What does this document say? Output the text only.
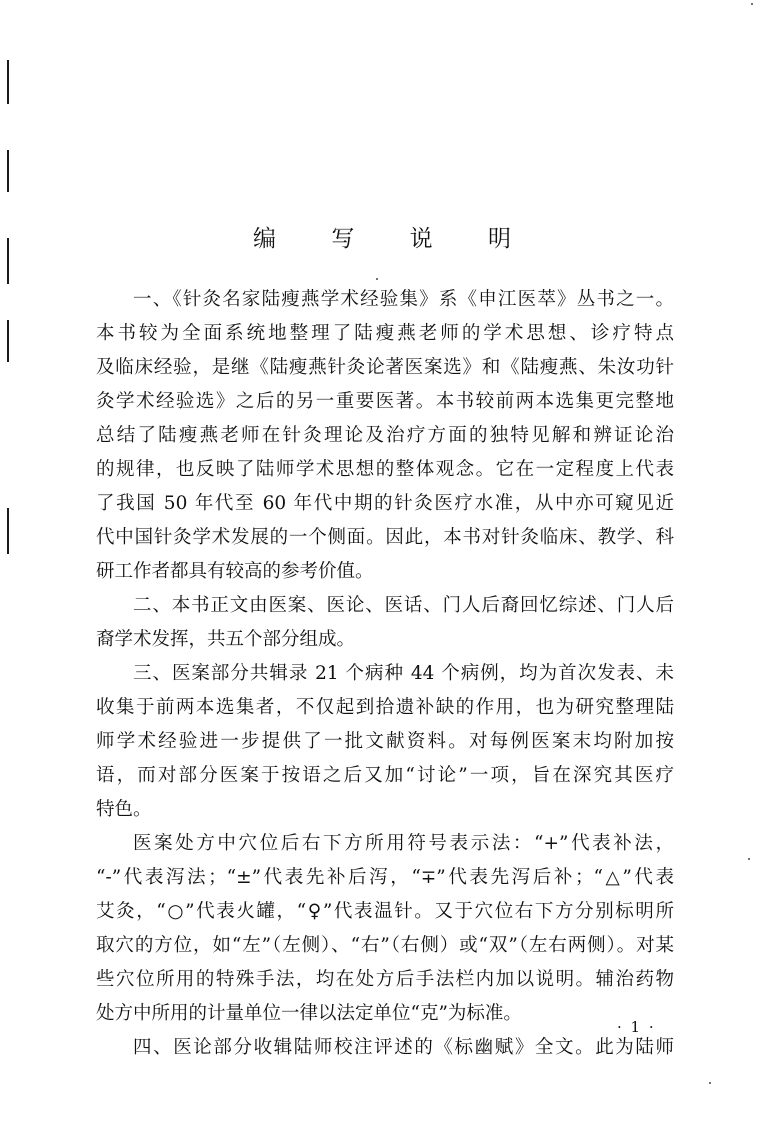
编 写 说 明
一、《针灸名家陆瘦燕学术经验集》系《申江医萃》丛书之一。
本书较为全面系统地整理了陆瘦燕老师的学术思想、诊疗特点
及临床经验，是继《陆瘦燕针灸论著医案选》和《陆瘦燕、朱汝功针
灸学术经验选》之后的另一重要医著。本书较前两本选集更完整地
总结了陆瘦燕老师在针灸理论及治疗方面的独特见解和辨证论治
的规律，也反映了陆师学术思想的整体观念。它在一定程度上代表
了我国 50 年代至 60 年代中期的针灸医疗水准，从中亦可窥见近
代中国针灸学术发展的一个侧面。因此，本书对针灸临床、教学、科
研工作者都具有较高的参考价值。
二、本书正文由医案、医论、医话、门人后裔回忆综述、门人后
裔学术发挥，共五个部分组成。
三、医案部分共辑录 21 个病种 44 个病例，均为首次发表、未
收集于前两本选集者，不仅起到拾遗补缺的作用，也为研究整理陆
师学术经验进一步提供了一批文献资料。对每例医案末均附加按
语，而对部分医案于按语之后又加“讨论”一项，旨在深究其医疗
特色。
医案处方中穴位后右下方所用符号表示法：“+”代表补法，
“-”代表泻法；“±”代表先补后泻，“∓”代表先泻后补；“△”代表
艾灸，“○”代表火罐，“♀”代表温针。又于穴位右下方分别标明所
取穴的方位，如“左”（左侧）、“右”（右侧）或“双”（左右两侧）。对某
些穴位所用的特殊手法，均在处方后手法栏内加以说明。辅治药物
处方中所用的计量单位一律以法定单位“克”为标准。
四、医论部分收辑陆师校注评述的《标幽赋》全文。此为陆师
· 1 ·
